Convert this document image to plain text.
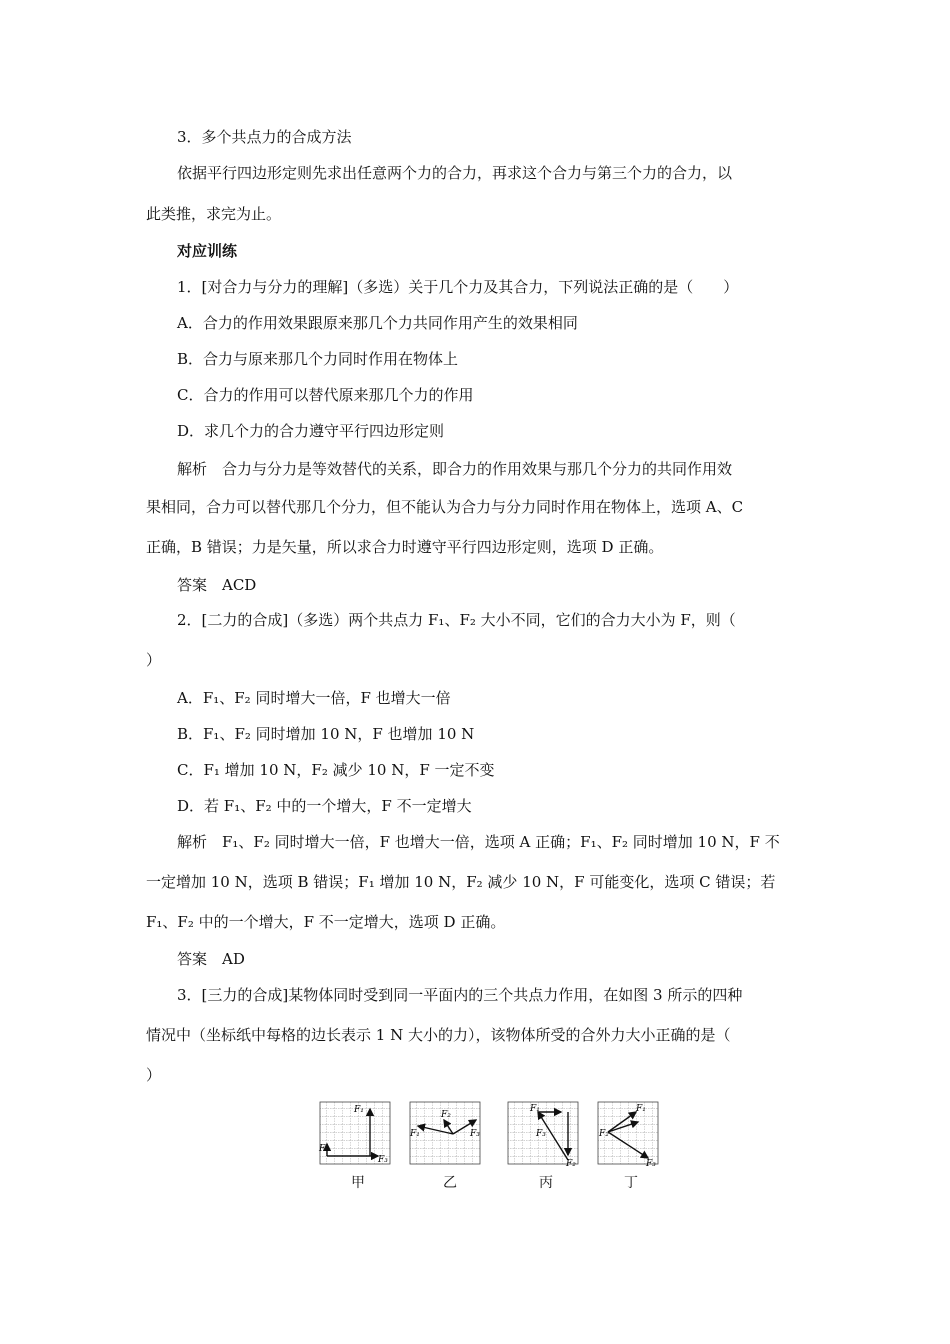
3．多个共点力的合成方法
依据平行四边形定则先求出任意两个力的合力，再求这个合力与第三个力的合力，以
此类推，求完为止。
对应训练
1．[对合力与分力的理解]（多选）关于几个力及其合力，下列说法正确的是（　　）
A．合力的作用效果跟原来那几个力共同作用产生的效果相同
B．合力与原来那几个力同时作用在物体上
C．合力的作用可以替代原来那几个力的作用
D．求几个力的合力遵守平行四边形定则
解析　合力与分力是等效替代的关系，即合力的作用效果与那几个分力的共同作用效
果相同，合力可以替代那几个分力，但不能认为合力与分力同时作用在物体上，选项 A、C
正确，B 错误；力是矢量，所以求合力时遵守平行四边形定则，选项 D 正确。
答案　ACD
2．[二力的合成]（多选）两个共点力 F₁、F₂ 大小不同，它们的合力大小为 F，则（
）
A．F₁、F₂ 同时增大一倍，F 也增大一倍
B．F₁、F₂ 同时增加 10 N，F 也增加 10 N
C．F₁ 增加 10 N，F₂ 减少 10 N，F 一定不变
D．若 F₁、F₂ 中的一个增大，F 不一定增大
解析　F₁、F₂ 同时增大一倍，F 也增大一倍，选项 A 正确；F₁、F₂ 同时增加 10 N，F 不
一定增加 10 N，选项 B 错误；F₁ 增加 10 N，F₂ 减少 10 N，F 可能变化，选项 C 错误；若
F₁、F₂ 中的一个增大，F 不一定增大，选项 D 正确。
答案　AD
3．[三力的合成]某物体同时受到同一平面内的三个共点力作用，在如图 3 所示的四种
情况中（坐标纸中每格的边长表示 1 N 大小的力），该物体所受的合外力大小正确的是（
）
F₁
F₂
F₃
甲
F₁
F₂
F₃
乙
F₁
F₃
F₂
丙
F₁
F₂
F₃
丁
